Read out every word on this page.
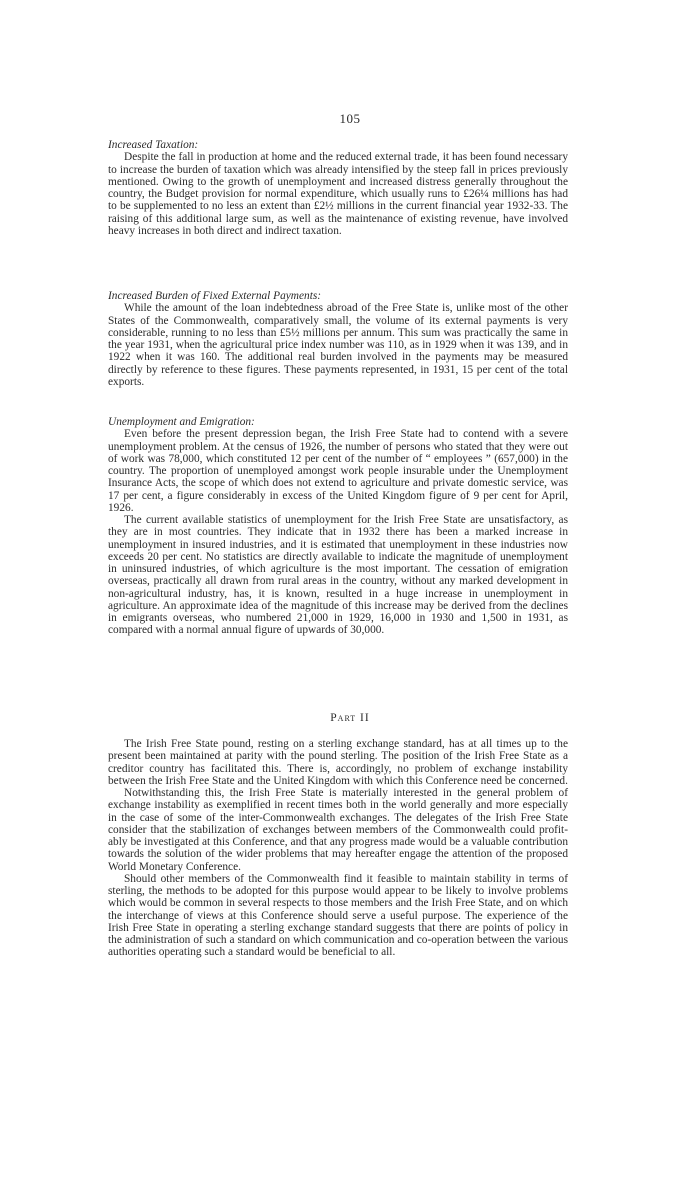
105

Increased Taxation:

Despite the fall in production at home and the reduced external trade, it has been found necessary to increase the burden of taxation which was already intensified by the steep fall in prices previously mentioned. Owing to the growth of unemployment and increased distress generally throughout the country, the Budget provision for normal expenditure, which usually runs to £26¼ millions has had to be supplemented to no less an extent than £2½ millions in the current financial year 1932-33. The raising of this additional large sum, as well as the maintenance of existing revenue, have involved heavy increases in both direct and indirect taxation.

Increased Burden of Fixed External Payments:

While the amount of the loan indebtedness abroad of the Free State is, unlike most of the other States of the Commonwealth, comparatively small, the volume of its external payments is very considerable, running to no less than £5½ millions per annum. This sum was practically the same in the year 1931, when the agricultural price index number was 110, as in 1929 when it was 139, and in 1922 when it was 160. The additional real burden involved in the payments may be measured directly by reference to these figures. These payments represented, in 1931, 15 per cent of the total exports.

Unemployment and Emigration:

Even before the present depression began, the Irish Free State had to contend with a severe unemployment problem. At the census of 1926, the number of persons who stated that they were out of work was 78,000, which constituted 12 per cent of the number of “ employees ” (657,000) in the country. The proportion of unemployed amongst work people insurable under the Unemployment Insurance Acts, the scope of which does not extend to agriculture and private domestic service, was 17 per cent, a figure considerably in excess of the United Kingdom figure of 9 per cent for April, 1926.

The current available statistics of unemployment for the Irish Free State are unsatisfactory, as they are in most countries. They indicate that in 1932 there has been a marked increase in unemployment in insured industries, and it is estimated that unemployment in these industries now exceeds 20 per cent. No statistics are directly available to indicate the magnitude of unemployment in uninsured industries, of which agriculture is the most important. The cessation of emigration overseas, practically all drawn from rural areas in the country, without any marked development in non-agricultural industry, has, it is known, resulted in a huge increase in unemployment in agriculture. An approximate idea of the magnitude of this increase may be derived from the declines in emigrants overseas, who numbered 21,000 in 1929, 16,000 in 1930 and 1,500 in 1931, as compared with a normal annual figure of upwards of 30,000.

Part II

The Irish Free State pound, resting on a sterling exchange standard, has at all times up to the present been maintained at parity with the pound sterling. The position of the Irish Free State as a creditor country has facilitated this. There is, accordingly, no problem of exchange instability between the Irish Free State and the United Kingdom with which this Conference need be concerned.

Notwithstanding this, the Irish Free State is materially interested in the general problem of exchange instability as exemplified in recent times both in the world generally and more especially in the case of some of the inter-Commonwealth exchanges. The delegates of the Irish Free State consider that the stabilization of exchanges between members of the Commonwealth could profitably be investigated at this Conference, and that any progress made would be a valuable contribution towards the solution of the wider problems that may hereafter engage the attention of the proposed World Monetary Conference.

Should other members of the Commonwealth find it feasible to maintain stability in terms of sterling, the methods to be adopted for this purpose would appear to be likely to involve problems which would be common in several respects to those members and the Irish Free State, and on which the interchange of views at this Conference should serve a useful purpose. The experience of the Irish Free State in operating a sterling exchange standard suggests that there are points of policy in the administration of such a standard on which communication and co-operation between the various authorities operating such a standard would be beneficial to all.
